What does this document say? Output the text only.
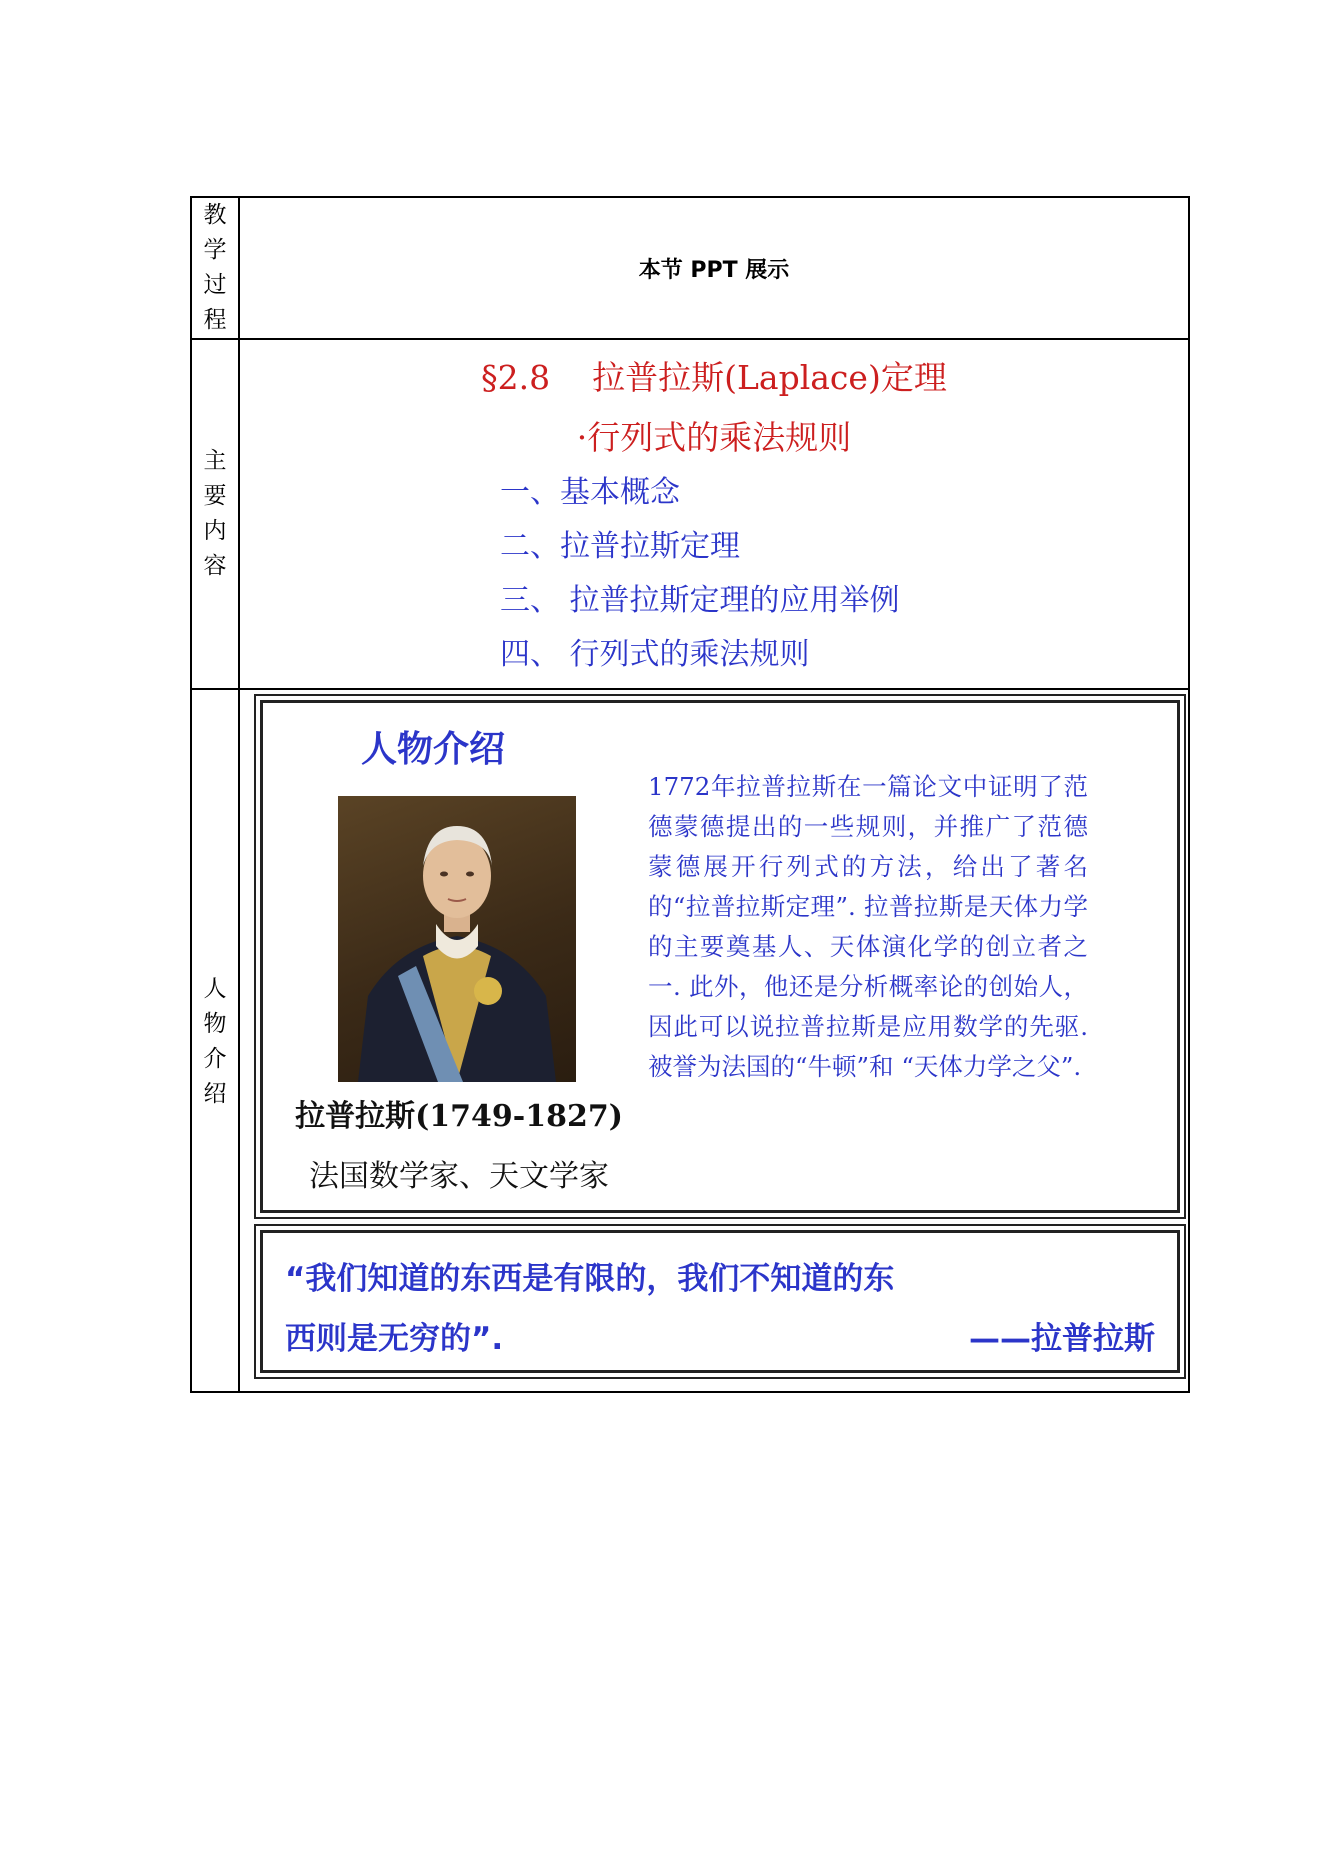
教学过程
本节 PPT 展示
主要内容
§2.8    拉普拉斯(Laplace)定理
·行列式的乘法规则
一、基本概念
二、拉普拉斯定理
三、 拉普拉斯定理的应用举例
四、 行列式的乘法规则
人物介绍
人物介绍
拉普拉斯(1749-1827)
法国数学家、天文学家
1772年拉普拉斯在一篇论文中证明了范德蒙德提出的一些规则，并推广了范德蒙德展开行列式的方法，给出了著名的“拉普拉斯定理”. 拉普拉斯是天体力学的主要奠基人、天体演化学的创立者之一. 此外，他还是分析概率论的创始人，因此可以说拉普拉斯是应用数学的先驱. 被誉为法国的“牛顿”和 “天体力学之父”.
“我们知道的东西是有限的，我们不知道的东
西则是无穷的”.	——拉普拉斯
